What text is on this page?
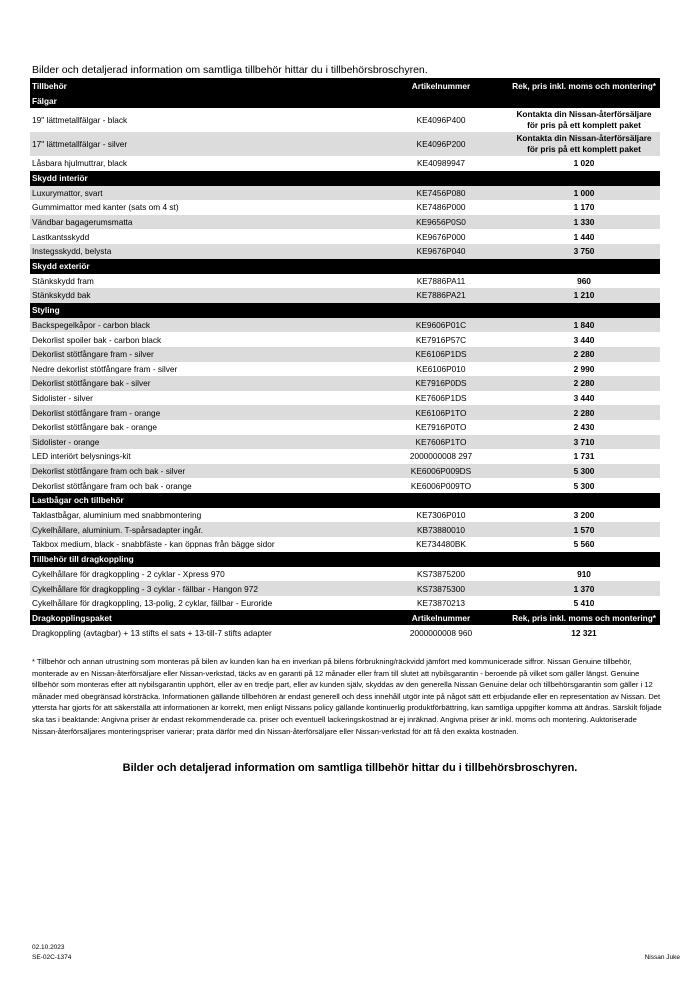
Bilder och detaljerad information om samtliga tillbehör hittar du i tillbehörsbroschyren.
Tillbehör	Artikelnummer	Rek, pris inkl. moms och montering*
Fälgar		
19" lättmetallfälgar - black	KE4096P400	Kontakta din Nissan-återförsäljare för pris på ett komplett paket
17" lättmetallfälgar - silver	KE4096P200	Kontakta din Nissan-återförsäljare för pris på ett komplett paket
Låsbara hjulmuttrar, black	KE40989947	1 020
Skydd interiör		
Luxurymattor, svart	KE7456P080	1 000
Gummimattor med kanter (sats om 4 st)	KE7486P000	1 170
Vändbar bagagerumsmatta	KE9656P0S0	1 330
Lastkantsskydd	KE9676P000	1 440
Instegsskydd, belysta	KE9676P040	3 750
Skydd exteriör		
Stänkskydd fram	KE7886PA11	960
Stänkskydd bak	KE7886PA21	1 210
Styling		
Backspegelkåpor - carbon black	KE9606P01C	1 840
Dekorlist spoiler bak - carbon black	KE7916P57C	3 440
Dekorlist stötfångare fram - silver	KE6106P1DS	2 280
Nedre dekorlist stötfångare fram - silver	KE6106P010	2 990
Dekorlist stötfångare bak - silver	KE7916P0DS	2 280
Sidolister - silver	KE7606P1DS	3 440
Dekorlist stötfångare fram - orange	KE6106P1TO	2 280
Dekorlist stötfångare bak - orange	KE7916P0TO	2 430
Sidolister - orange	KE7606P1TO	3 710
LED interiört belysnings-kit	2000000008 297	1 731
Dekorlist stötfångare fram och bak - silver	KE6006P009DS	5 300
Dekorlist stötfångare fram och bak - orange	KE6006P009TO	5 300
Lastbågar och tillbehör		
Taklastbågar, aluminium med snabbmontering	KE7306P010	3 200
Cykelhållare, aluminium. T-spårsadapter ingår.	KB73880010	1 570
Takbox medium, black - snabbfäste - kan öppnas från bägge sidor	KE734480BK	5 560
Tillbehör till dragkoppling		
Cykelhållare för dragkoppling - 2 cyklar - Xpress 970	KS73875200	910
Cykelhållare för dragkoppling - 3 cyklar - fällbar - Hangon 972	KS73875300	1 370
Cykelhållare för dragkoppling, 13-polig, 2 cyklar, fällbar - Euroride	KE73870213	5 410
Dragkopplingspaket	Artikelnummer	Rek, pris inkl. moms och montering*
Dragkoppling (avtagbar) + 13 stifts el sats + 13-till-7 stifts adapter	2000000008 960	12 321
* Tillbehör och annan utrustning som monteras på bilen av kunden kan ha en inverkan på bilens förbrukning/räckvidd jämfört med kommunicerade siffror. Nissan Genuine tillbehör, monterade av en Nissan-återförsäljare eller Nissan-verkstad, täcks av en garanti på 12 månader eller fram till slutet att nybilsgarantin - beroende på vilket som gäller längst. Genuine tillbehör som monteras efter att nybilsgarantin upphört, eller av en tredje part, eller av kunden själv, skyddas av den generella Nissan Genuine delar och tillbehörsgarantin som gäller i 12 månader med obegränsad körsträcka. Informationen gällande tillbehören är endast generell och dess innehåll utgör inte på något sätt ett erbjudande eller en representation av Nissan. Det yttersta har gjorts för att säkerställa att informationen är korrekt, men enligt Nissans policy gällande kontinuerlig produktförbättring, kan samtliga uppgifter komma att ändras. Särskilt följade ska tas i beaktande: Angivna priser är endast rekommenderade ca. priser och eventuell lackeringskostnad är ej inräknad. Angivna priser är inkl. moms och montering. Auktoriserade Nissan-återförsäljares monteringspriser varierar; prata därför med din Nissan-återförsäljare eller Nissan-verkstad för att få den exakta kostnaden.
Bilder och detaljerad information om samtliga tillbehör hittar du i tillbehörsbroschyren.
02.10.2023
SE-02C-1374	Nissan Juke
